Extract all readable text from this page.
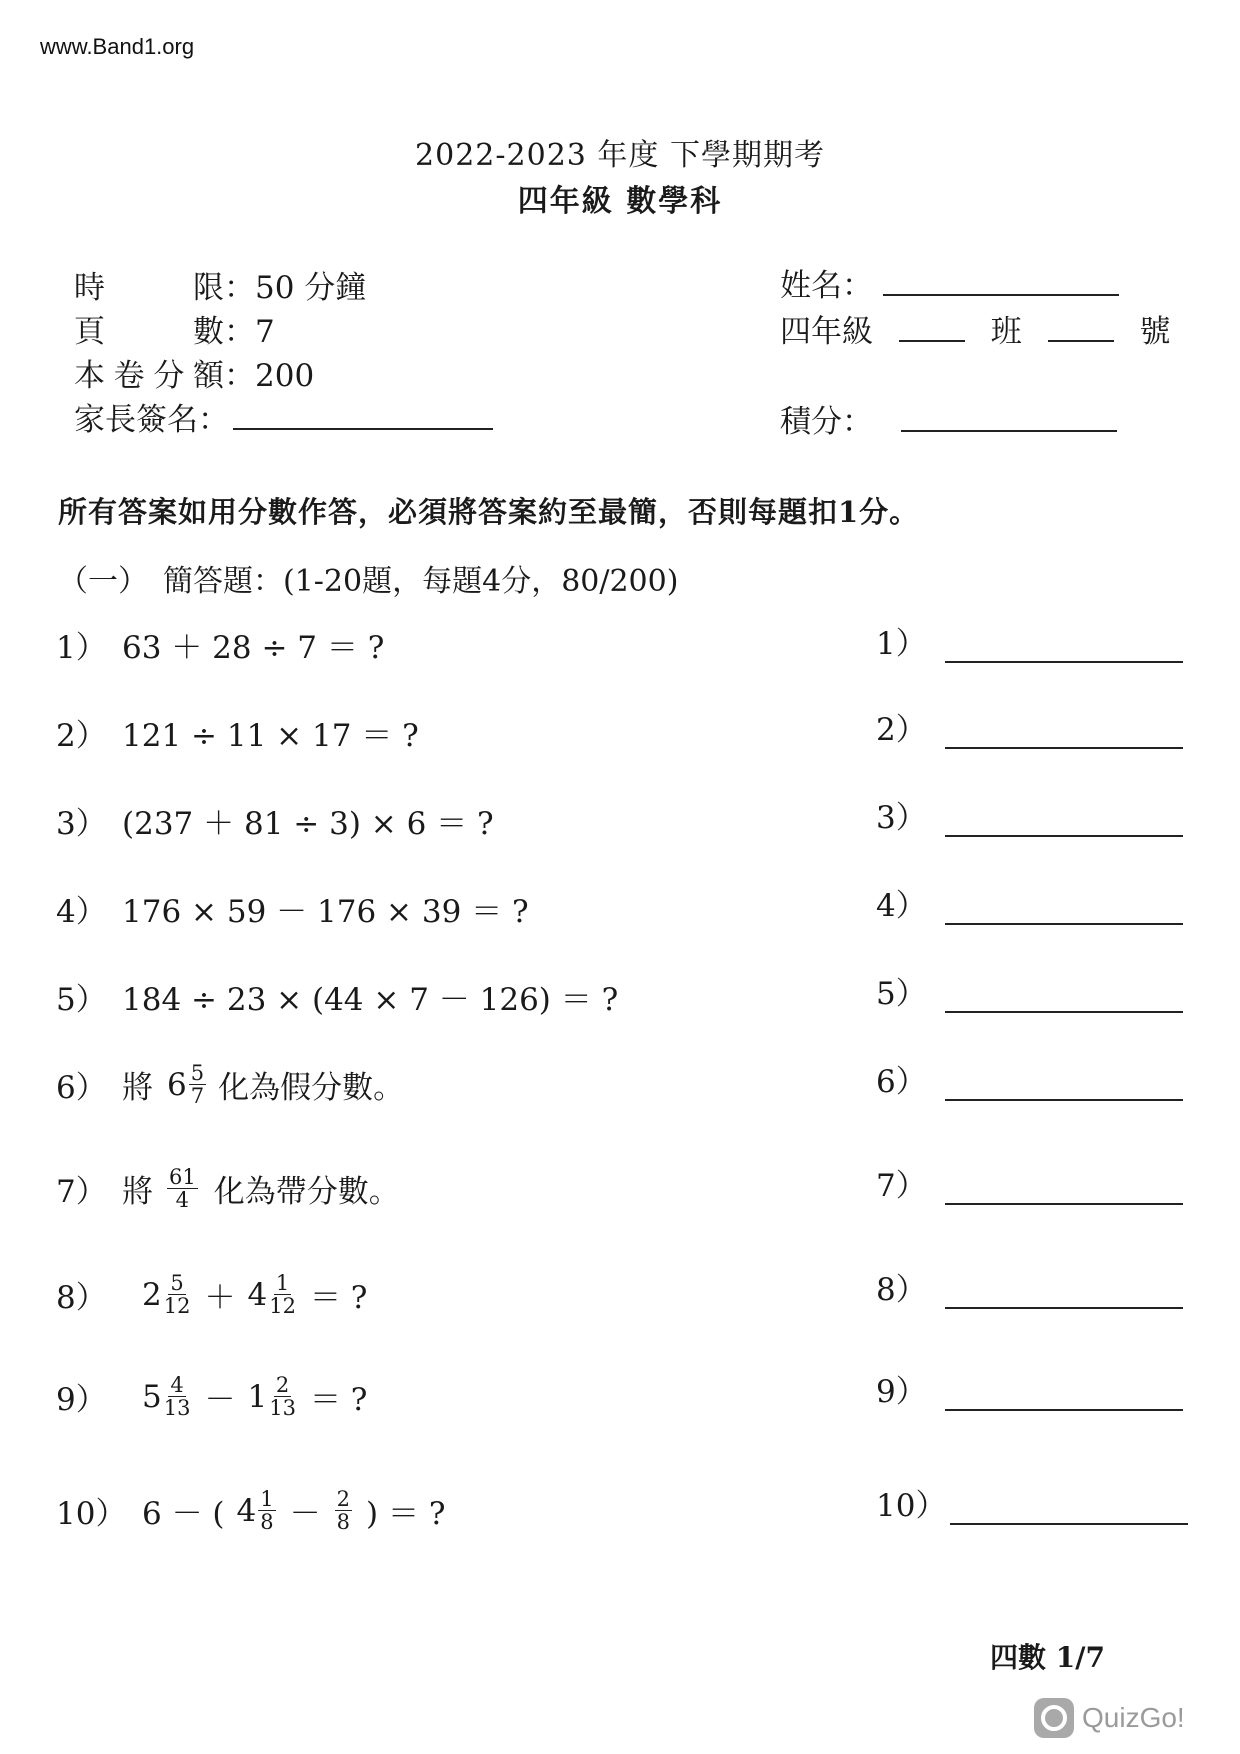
www.Band1.org
2022-2023 年度 下學期期考
四年級 數學科
時　限 ：50 分鐘
頁　數 ：7
本卷分額 ：200
家長簽名：
姓名：
四年級	班	號
積分：
所有答案如用分數作答，必須將答案約至最簡，否則每題扣1分。
（一）　簡答題：(1-20題，每題4分，80/200)
1） 63 ＋ 28 ÷ 7 ＝ ?
2） 121 ÷ 11 × 17 ＝ ?
3） (237 ＋ 81 ÷ 3) × 6 ＝ ?
4） 176 × 59 － 176 × 39 ＝ ?
5） 184 ÷ 23 × (44 × 7 － 126) ＝ ?
6） 將 $6 \frac{5}{7}$ 化為假分數。
7） 將 $\frac{61}{4}$ 化為帶分數。
8）	$2 \frac{5}{12} + 4 \frac{1}{12}$ ＝ ?
9）	$5 \frac{4}{13} - 1 \frac{2}{13}$ ＝ ?
10） 6 － ( $4 \frac{1}{8} - \frac{2}{8}$ ) ＝ ?
1）
2）
3）
4）
5）
6）
7）
8）
9）
10）
四數 1/7
QuizGo!
